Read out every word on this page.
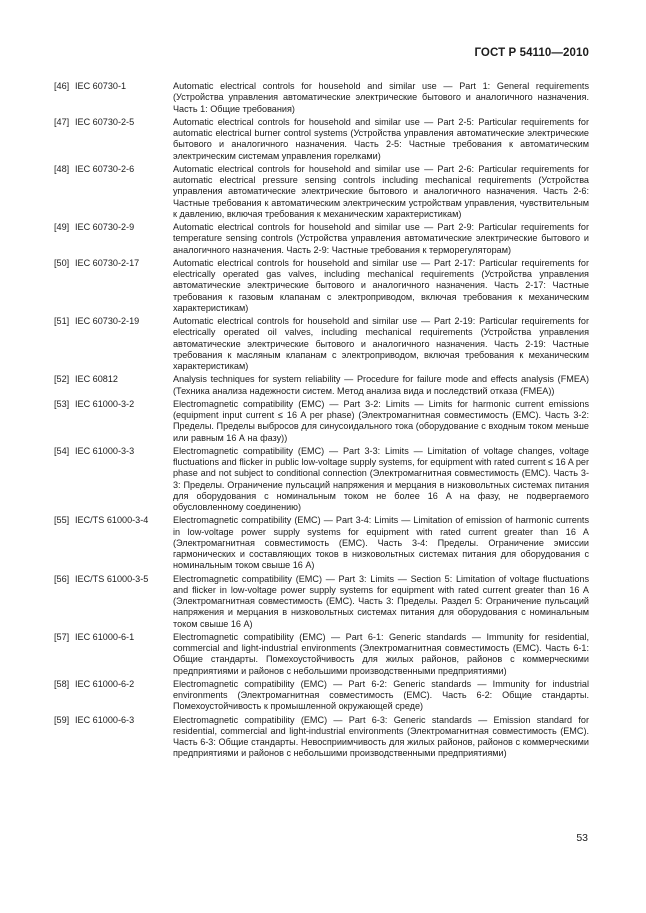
ГОСТ Р 54110—2010
[46] IEC 60730-1	Automatic electrical controls for household and similar use — Part 1: General requirements (Устройства управления автоматические электрические бытового и аналогичного назначения. Часть 1: Общие требования)
[47] IEC 60730-2-5	Automatic electrical controls for household and similar use — Part 2-5: Particular requirements for automatic electrical burner control systems (Устройства управления автоматические электрические бытового и аналогичного назначения. Часть 2-5: Частные требования к автоматическим электрическим системам управления горелками)
[48] IEC 60730-2-6	Automatic electrical controls for household and similar use — Part 2-6: Particular requirements for automatic electrical pressure sensing controls including mechanical requirements (Устройства управления автоматические электрические бытового и аналогичного назначения. Часть 2-6: Частные требования к автоматическим электрическим устройствам управления, чувствительным к давлению, включая требования к механическим характеристикам)
[49] IEC 60730-2-9	Automatic electrical controls for household and similar use — Part 2-9: Particular requirements for temperature sensing controls (Устройства управления автоматические электрические бытового и аналогичного назначения. Часть 2-9: Частные требования к терморегуляторам)
[50] IEC 60730-2-17	Automatic electrical controls for household and similar use — Part 2-17: Particular requirements for electrically operated gas valves, including mechanical requirements (Устройства управления автоматические электрические бытового и аналогичного назначения. Часть 2-17: Частные требования к газовым клапанам с электроприводом, включая требования к механическим характеристикам)
[51] IEC 60730-2-19	Automatic electrical controls for household and similar use — Part 2-19: Particular requirements for electrically operated oil valves, including mechanical requirements (Устройства управления автоматические электрические бытового и аналогичного назначения. Часть 2-19: Частные требования к масляным клапанам с электроприводом, включая требования к механическим характеристикам)
[52] IEC 60812	Analysis techniques for system reliability — Procedure for failure mode and effects analysis (FMEA) (Техника анализа надежности систем. Метод анализа вида и последствий отказа (FMEA))
[53] IEC 61000-3-2	Electromagnetic compatibility (EMC) — Part 3-2: Limits — Limits for harmonic current emissions (equipment input current ≤ 16 A per phase) (Электромагнитная совместимость (EMC). Часть 3-2: Пределы. Пределы выбросов для синусоидального тока (оборудование с входным током меньше или равным 16 А на фазу))
[54] IEC 61000-3-3	Electromagnetic compatibility (EMC) — Part 3-3: Limits — Limitation of voltage changes, voltage fluctuations and flicker in public low-voltage supply systems, for equipment with rated current ≤ 16 A per phase and not subject to conditional connection (Электромагнитная совместимость (EMC). Часть 3-3: Пределы. Ограничение пульсаций напряжения и мерцания в низковольтных системах питания для оборудования с номинальным током не более 16 А на фазу, не подвергаемого обусловленному соединению)
[55] IEC/TS 61000-3-4	Electromagnetic compatibility (EMC) — Part 3-4: Limits — Limitation of emission of harmonic currents in low-voltage power supply systems for equipment with rated current greater than 16 A (Электромагнитная совместимость (EMC). Часть 3-4: Пределы. Ограничение эмиссии гармонических и составляющих токов в низковольтных системах питания для оборудования с номинальным током свыше 16 А)
[56] IEC/TS 61000-3-5	Electromagnetic compatibility (EMC) — Part 3: Limits — Section 5: Limitation of voltage fluctuations and flicker in low-voltage power supply systems for equipment with rated current greater than 16 A (Электромагнитная совместимость (EMC). Часть 3: Пределы. Раздел 5: Ограничение пульсаций напряжения и мерцания в низковольтных системах питания для оборудования с номинальным током свыше 16 А)
[57] IEC 61000-6-1	Electromagnetic compatibility (EMC) — Part 6-1: Generic standards — Immunity for residential, commercial and light-industrial environments (Электромагнитная совместимость (EMC). Часть 6-1: Общие стандарты. Помехоустойчивость для жилых районов, районов с коммерческими предприятиями и районов с небольшими производственными предприятиями)
[58] IEC 61000-6-2	Electromagnetic compatibility (EMC) — Part 6-2: Generic standards — Immunity for industrial environments (Электромагнитная совместимость (EMC). Часть 6-2: Общие стандарты. Помехоустойчивость к промышленной окружающей среде)
[59] IEC 61000-6-3	Electromagnetic compatibility (EMC) — Part 6-3: Generic standards — Emission standard for residential, commercial and light-industrial environments (Электромагнитная совместимость (EMC). Часть 6-3: Общие стандарты. Невосприимчивость для жилых районов, районов с коммерческими предприятиями и районов с небольшими производственными предприятиями)
53
